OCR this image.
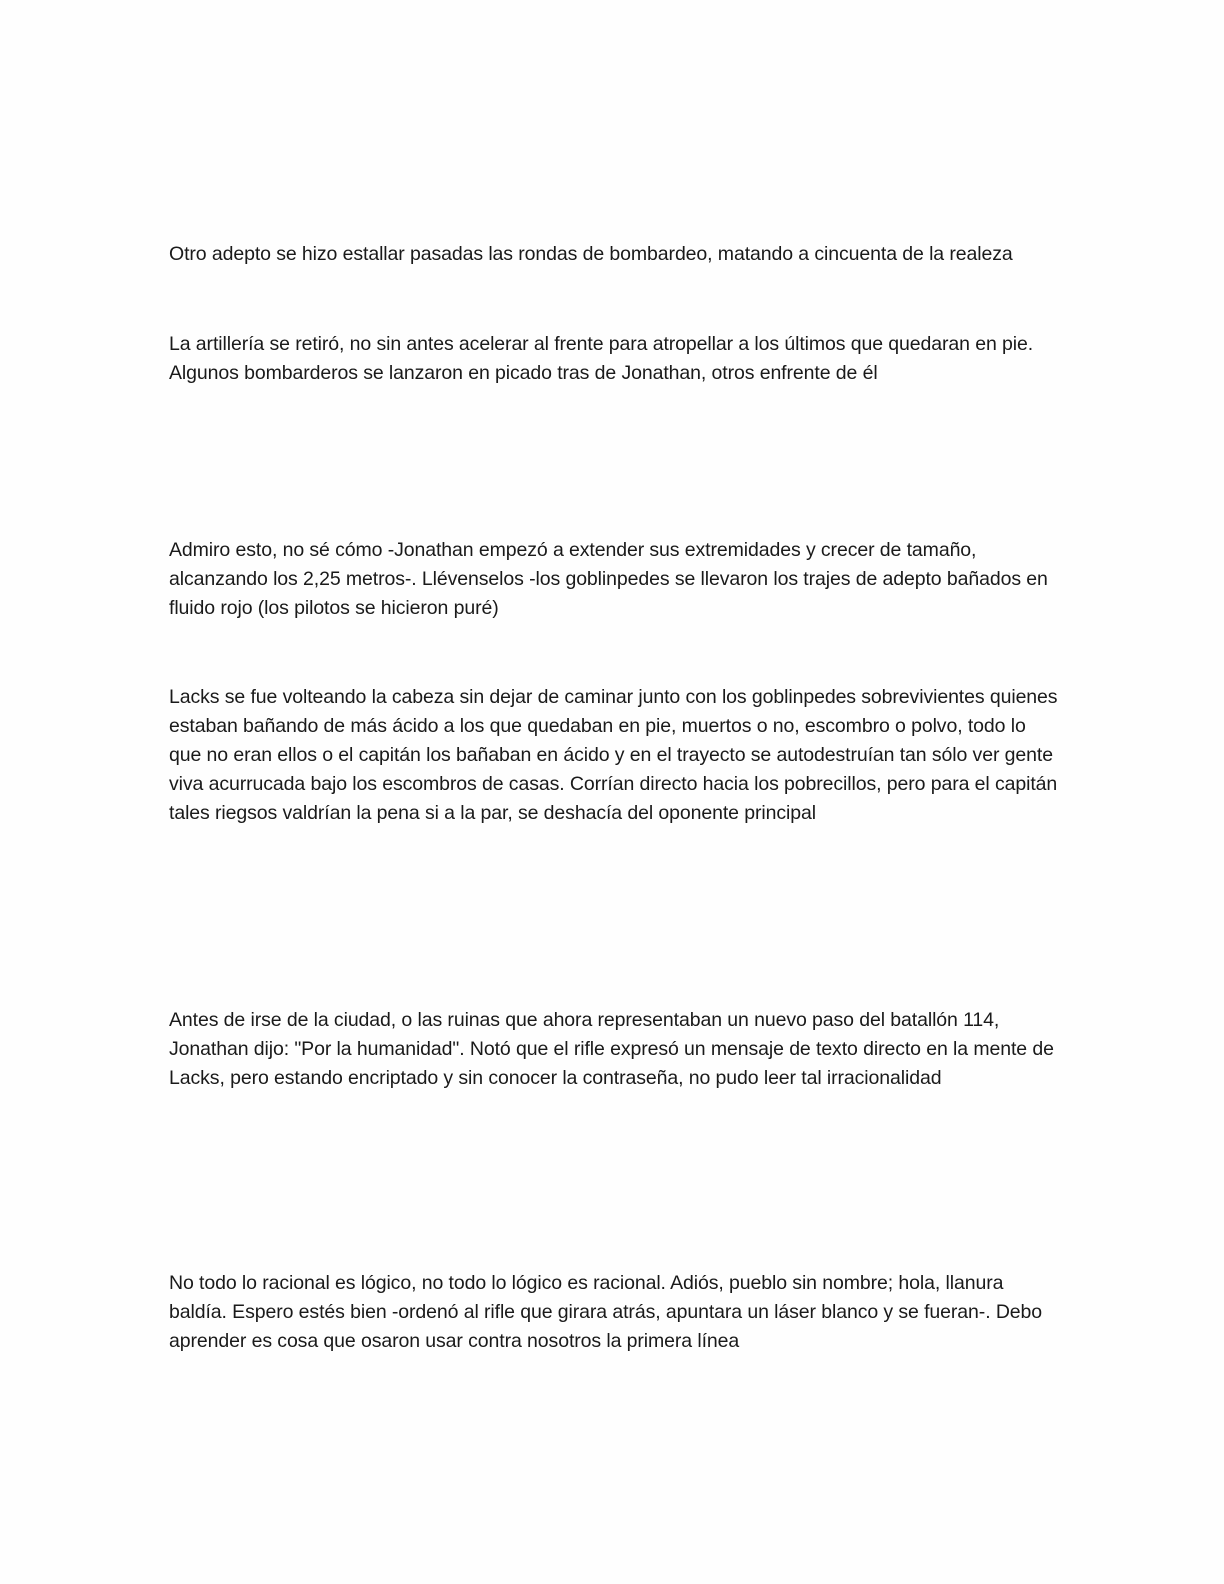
Otro adepto se hizo estallar pasadas las rondas de bombardeo, matando a cincuenta de la realeza

La artillería se retiró, no sin antes acelerar al frente para atropellar a los últimos que quedaran en pie. Algunos bombarderos se lanzaron en picado tras de Jonathan, otros enfrente de él

Admiro esto, no sé cómo -Jonathan empezó a extender sus extremidades y crecer de tamaño, alcanzando los 2,25 metros-. Llévenselos -los goblinpedes se llevaron los trajes de adepto bañados en fluido rojo (los pilotos se hicieron puré)

Lacks se fue volteando la cabeza sin dejar de caminar junto con los goblinpedes sobrevivientes quienes estaban bañando de más ácido a los que quedaban en pie, muertos o no, escombro o polvo, todo lo que no eran ellos o el capitán los bañaban en ácido y en el trayecto se autodestruían tan sólo ver gente viva acurrucada bajo los escombros de casas. Corrían directo hacia los pobrecillos, pero para el capitán tales riegsos valdrían la pena si a la par, se deshacía del oponente principal

Antes de irse de la ciudad, o las ruinas que ahora representaban un nuevo paso del batallón 114, Jonathan dijo: "Por la humanidad". Notó que el rifle expresó un mensaje de texto directo en la mente de Lacks, pero estando encriptado y sin conocer la contraseña, no pudo leer tal irracionalidad

No todo lo racional es lógico, no todo lo lógico es racional. Adiós, pueblo sin nombre; hola, llanura baldía. Espero estés bien -ordenó al rifle que girara atrás, apuntara un láser blanco y se fueran-. Debo aprender es cosa que osaron usar contra nosotros la primera línea
